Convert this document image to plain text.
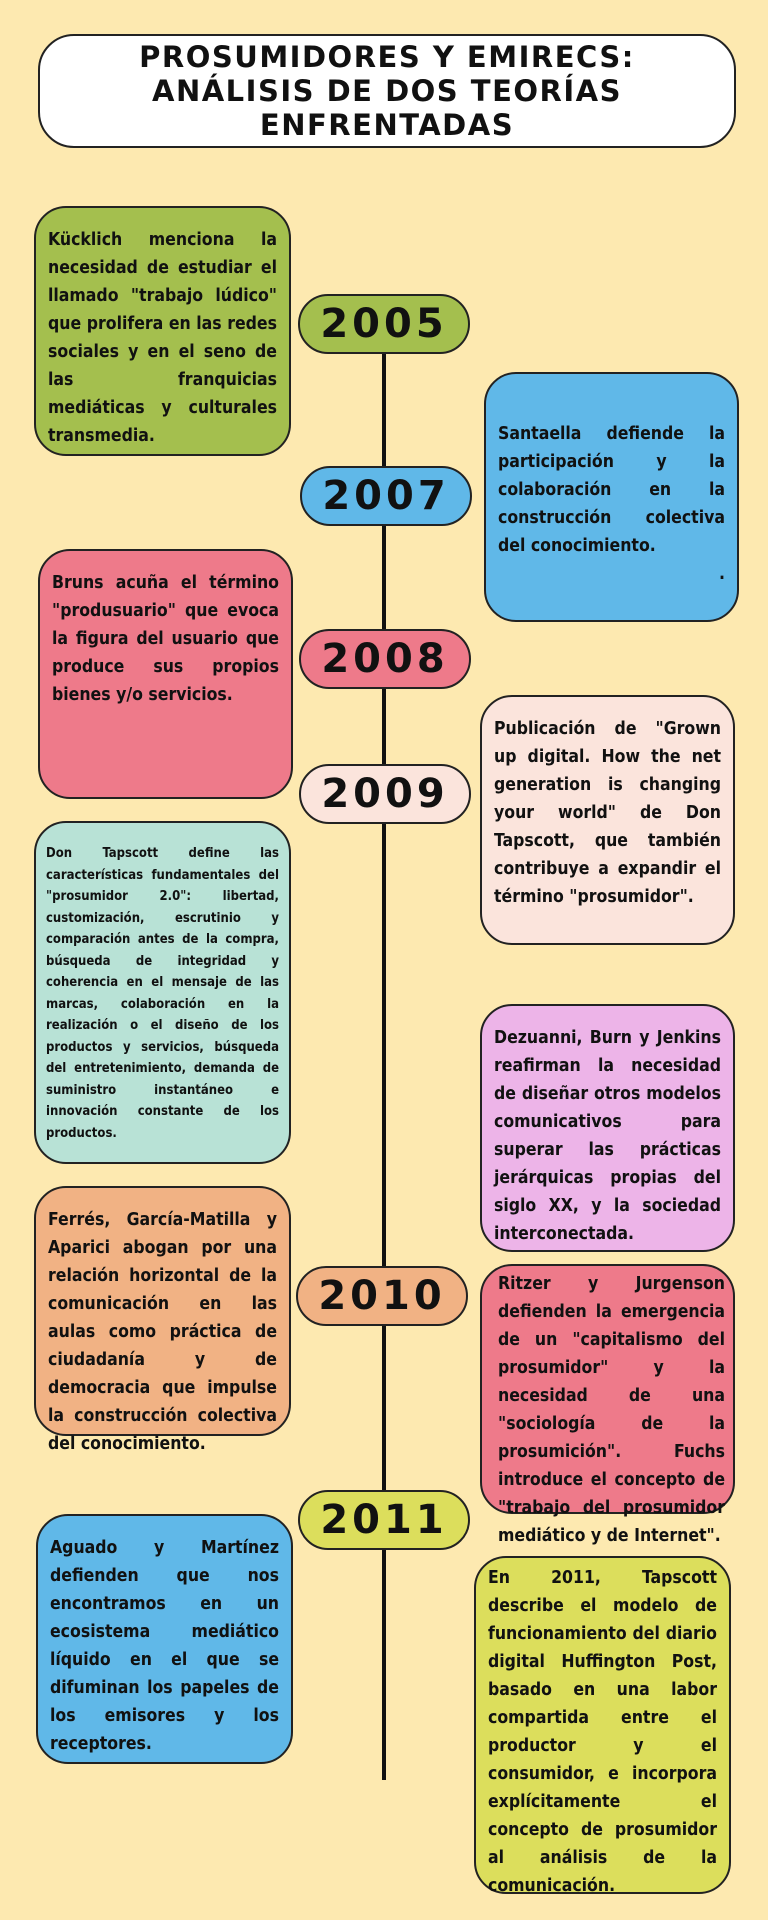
PROSUMIDORES Y EMIRECS: ANÁLISIS DE DOS TEORÍAS ENFRENTADAS
2005
2007
2008
2009
2010
2011
Kücklich menciona la necesidad de estudiar el llamado "trabajo lúdico" que prolifera en las redes sociales y en el seno de las franquicias mediáticas y culturales transmedia.	Santaella defiende la participación y la colaboración en la construcción colectiva del conocimiento.
.
Bruns acuña el término "produsuario" que evoca la figura del usuario que produce sus propios bienes y/o servicios.
Publicación de "Grown up digital. How the net generation is changing your world" de Don Tapscott, que también contribuye a expandir el término "prosumidor".
Don Tapscott define las características fundamentales del "prosumidor 2.0": libertad, customización, escrutinio y comparación antes de la compra, búsqueda de integridad y coherencia en el mensaje de las marcas, colaboración en la realización o el diseño de los productos y servicios, búsqueda del entretenimiento, demanda de suministro instantáneo e innovación constante de los productos.
Dezuanni, Burn y Jenkins reafirman la necesidad de diseñar otros modelos comunicativos para superar las prácticas jerárquicas propias del siglo XX, y la sociedad interconectada.
Ferrés, García-Matilla y Aparici abogan por una relación horizontal de la comunicación en las aulas como práctica de ciudadanía y de democracia que impulse la construcción colectiva del conocimiento.
Ritzer y Jurgenson defienden la emergencia de un "capitalismo del prosumidor" y la necesidad de una "sociología de la prosumición". Fuchs introduce el concepto de "trabajo del prosumidor mediático y de Internet".
Aguado y Martínez defienden que nos encontramos en un ecosistema mediático líquido en el que se difuminan los papeles de los emisores y los receptores.
En 2011, Tapscott describe el modelo de funcionamiento del diario digital Huffington Post, basado en una labor compartida entre el productor y el consumidor, e incorpora explícitamente el concepto de prosumidor al análisis de la comunicación.
